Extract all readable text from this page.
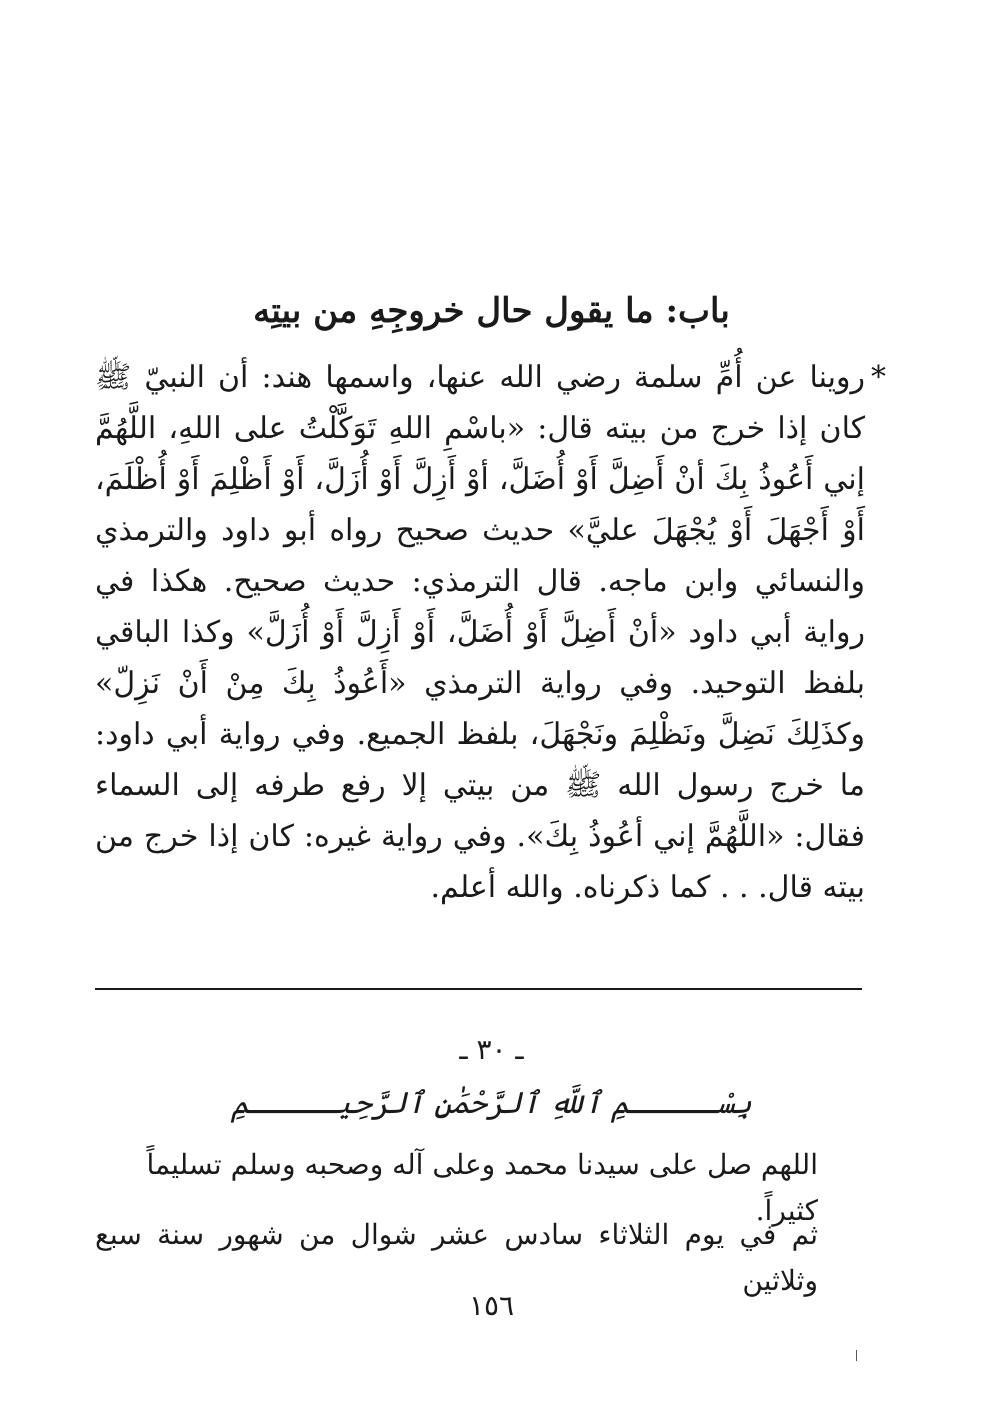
باب: ما يقول حال خروجِهِ من بيتِه
*

روينا عن أُمِّ سلمة رضي الله عنها، واسمها هند: أن النبيّ ﷺ كان إذا خرج من بيته قال: «باسْمِ اللهِ تَوَكَّلْتُ على اللهِ، اللَّهُمَّ إني أَعُوذُ بِكَ أنْ أَضِلَّ أَوْ أُضَلَّ، أوْ أَزِلَّ أَوْ أُزَلَّ، أَوْ أَظْلِمَ أَوْ أُظْلَمَ، أَوْ أَجْهَلَ أَوْ يُجْهَلَ عليَّ» حديث صحيح رواه أبو داود والترمذي والنسائي وابن ماجه. قال الترمذي: حديث صحيح. هكذا في رواية أبي داود «أنْ أَضِلَّ أَوْ أُضَلَّ، أَوْ أَزِلَّ أَوْ أُزَلَّ» وكذا الباقي بلفظ التوحيد. وفي رواية الترمذي «أَعُوذُ بِكَ مِنْ أَنْ نَزِلّ» وكذَلِكَ نَضِلَّ ونَظْلِمَ ونَجْهَلَ، بلفظ الجميع. وفي رواية أبي داود: ما خرج رسول الله ﷺ من بيتي إلا رفع طرفه إلى السماء فقال: «اللَّهُمَّ إني أعُوذُ بِكَ». وفي رواية غيره: كان إذا خرج من بيته قال. . . كما ذكرناه. والله أعلم.

ـ ٣٠ ـ
بِسْـــــمِ ٱللَّهِ ٱلرَّحْمَٰنِ ٱلرَّحِيـــــمِ
اللهم صل على سيدنا محمد وعلى آله وصحبه وسلم تسليماً كثيراً.
ثم في يوم الثلاثاء سادس عشر شوال من شهور سنة سبع وثلاثين
١٥٦
